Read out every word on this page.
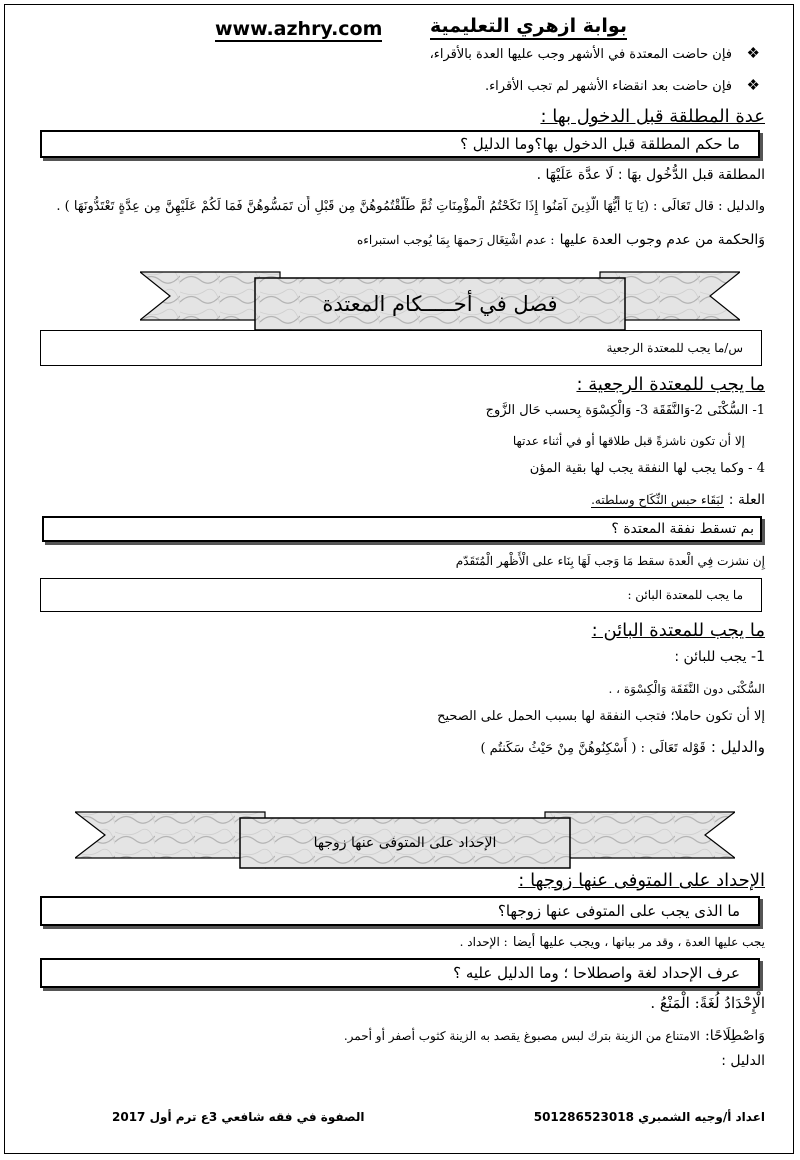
www.azhry.com	بوابة ازهري التعليمية
❖
فإن حاضت المعتدة في الأشهر وجب عليها العدة بالأقراء،
❖
فإن حاضت بعد انقضاء الأشهر لم تجب الأقراء.
عدة المطلقة قبل الدخول بها :
ما حكم المطلقة قبل الدخول بها؟وما الدليل ؟
المطلقة قبل الدُّخُول بهَا : لَا عدَّة عَلَيْهَا .
والدليل : قال تَعَالَى : (يَا يَا أَيُّهَا الَّذِينَ آمَنُوا إِذَا نَكَحْتُمُ الْمؤْمِنَاتِ ثُمَّ طَلَّقْتُمُوهُنَّ مِن قَبْلِ أَن تَمَسُّوهُنَّ فَمَا لَكُمْ عَلَيْهِنَّ مِن عِدَّةٍ تَعْتَدُّونَهَا ) .
وَالحكمة من عدم وجوب العدة عليها : عدم اشْتِغَال رَحمهَا بِمَا يُوجب استبراءه
فصل في أحـــــكام المعتدة
س/ما يجب للمعتدة الرجعية
ما يجب للمعتدة الرجعية :
1- السُّكْنَى 2-وَالنَّفَقَة 3- وَالْكِسْوَة بِحسب حَال الزَّوج
إلا أن تكون ناشزةً قبل طلاقها أو في أثناء عدتها
4 - وكما يجب لها النفقة يجب لها بقية المؤن
العلة : لبَقَاء حبس النِّكَاح وسلطته.
بم تسقط نفقة المعتدة ؟
إِن نشزت فِي الْعدة سقط مَا وَجب لَهَا بِنَاء على الْأَظْهر الْمُتَقَدّم
ما يجب للمعتدة البائن :
ما يجب للمعتدة البائن :
1- يجب للبائن :
السُّكْنَى دون النَّفَقَة وَالْكِسْوَة ، .
إلا أن تكون حاملا؛ فتجب النفقة لها بسبب الحمل على الصحيح
والدليل : قَوْله تَعَالَى : ( أَسْكِنُوهُنَّ مِنْ حَيْثُ سَكَنتُم )
الإحداد على المتوفى عنها زوجها
الإحداد على المتوفى عنها زوجها :
ما الذى يجب على المتوفى عنها زوجها؟
يجب عليها العدة ، وقد مر بيانها ، ويجب عليها أيضا : الإحداد .
عرف الإحداد لغة واصطلاحا ؛ وما الدليل عليه ؟
الْإِحْدَادُ لُغَةً: الْمَنْعُ .
وَاصْطِلَاحًا: الامتناع من الزينة بترك لبس مصبوغ يقصد به الزينة كثوب أصفر أو أحمر.
الدليل :
اعداد أ/وجيه الشمبري 501286523018
الصفوة في فقه شافعي 3ع ترم أول 2017
